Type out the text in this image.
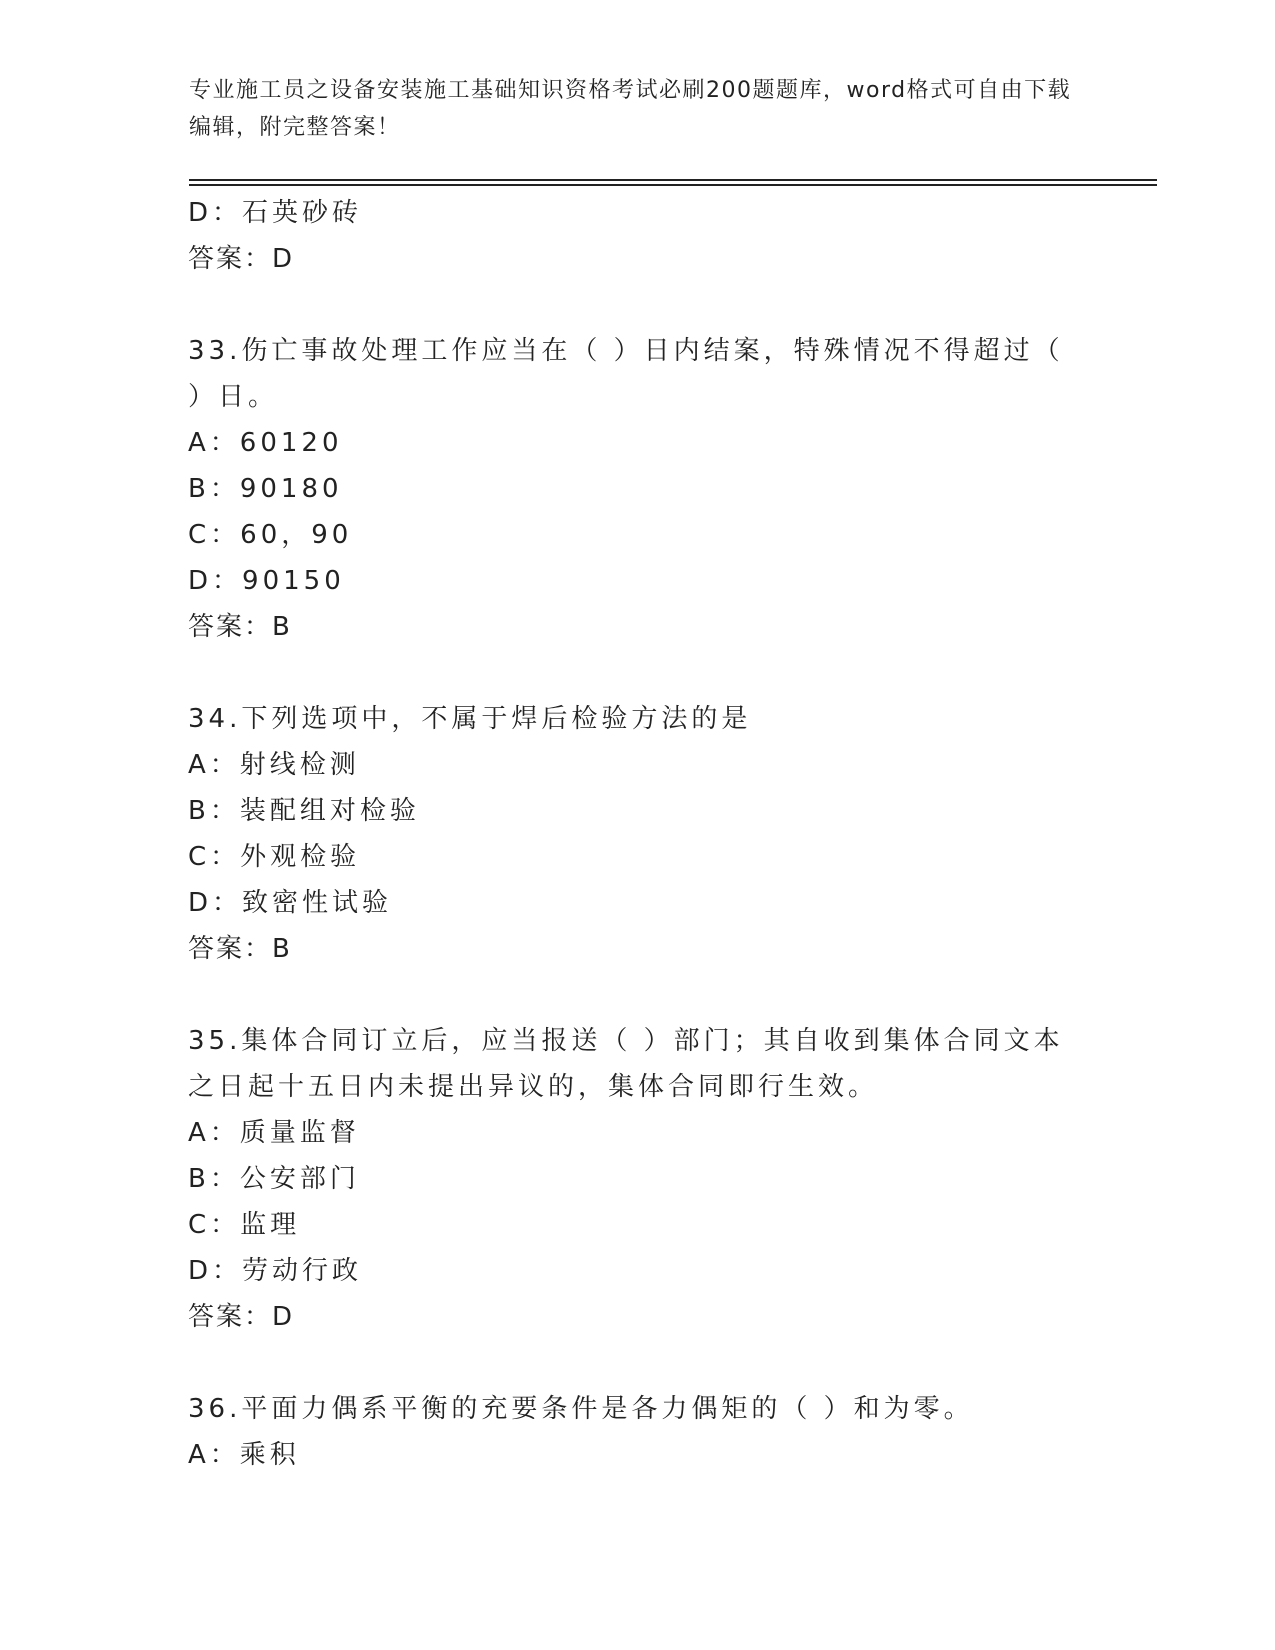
专业施工员之设备安装施工基础知识资格考试必刷200题题库，word格式可自由下载编辑，附完整答案！
D：石英砂砖
答案：D
33.伤亡事故处理工作应当在（ ）日内结案，特殊情况不得超过（ ）日。
A：60120
B：90180
C：60，90
D：90150
答案：B
34.下列选项中，不属于焊后检验方法的是
A：射线检测
B：装配组对检验
C：外观检验
D：致密性试验
答案：B
35.集体合同订立后，应当报送（ ）部门；其自收到集体合同文本之日起十五日内未提出异议的，集体合同即行生效。
A：质量监督
B：公安部门
C：监理
D：劳动行政
答案：D
36.平面力偶系平衡的充要条件是各力偶矩的（ ）和为零。
A：乘积
